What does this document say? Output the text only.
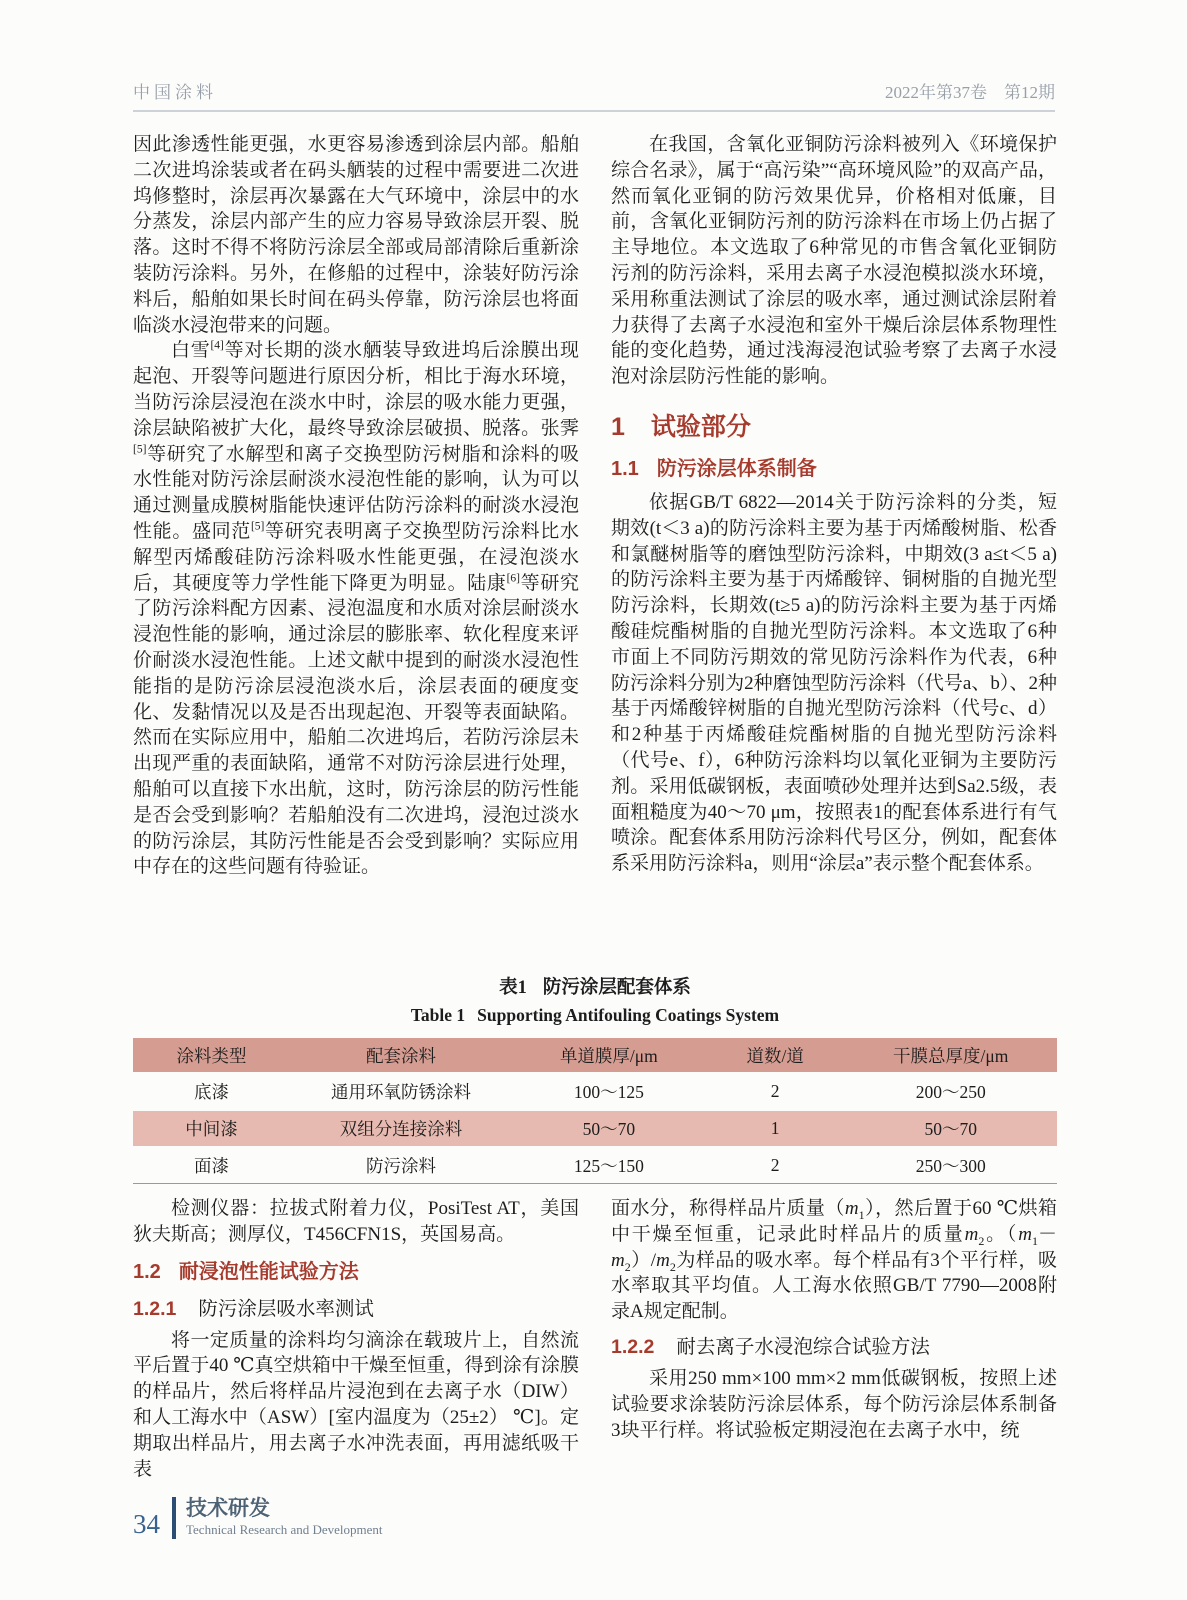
中国涂料	2022年第37卷　第12期

因此渗透性能更强，水更容易渗透到涂层内部。船舶二次进坞涂装或者在码头舾装的过程中需要进二次进坞修整时，涂层再次暴露在大气环境中，涂层中的水分蒸发，涂层内部产生的应力容易导致涂层开裂、脱落。这时不得不将防污涂层全部或局部清除后重新涂装防污涂料。另外，在修船的过程中，涂装好防污涂料后，船舶如果长时间在码头停靠，防污涂层也将面临淡水浸泡带来的问题。

白雪[4]等对长期的淡水舾装导致进坞后涂膜出现起泡、开裂等问题进行原因分析，相比于海水环境，当防污涂层浸泡在淡水中时，涂层的吸水能力更强，涂层缺陷被扩大化，最终导致涂层破损、脱落。张霁[5]等研究了水解型和离子交换型防污树脂和涂料的吸水性能对防污涂层耐淡水浸泡性能的影响，认为可以通过测量成膜树脂能快速评估防污涂料的耐淡水浸泡性能。盛同范[5]等研究表明离子交换型防污涂料比水解型丙烯酸硅防污涂料吸水性能更强，在浸泡淡水后，其硬度等力学性能下降更为明显。陆康[6]等研究了防污涂料配方因素、浸泡温度和水质对涂层耐淡水浸泡性能的影响，通过涂层的膨胀率、软化程度来评价耐淡水浸泡性能。上述文献中提到的耐淡水浸泡性能指的是防污涂层浸泡淡水后，涂层表面的硬度变化、发黏情况以及是否出现起泡、开裂等表面缺陷。然而在实际应用中，船舶二次进坞后，若防污涂层未出现严重的表面缺陷，通常不对防污涂层进行处理，船舶可以直接下水出航，这时，防污涂层的防污性能是否会受到影响？若船舶没有二次进坞，浸泡过淡水的防污涂层，其防污性能是否会受到影响？实际应用中存在的这些问题有待验证。

在我国，含氧化亚铜防污涂料被列入《环境保护综合名录》，属于“高污染”“高环境风险”的双高产品，然而氧化亚铜的防污效果优异，价格相对低廉，目前，含氧化亚铜防污剂的防污涂料在市场上仍占据了主导地位。本文选取了6种常见的市售含氧化亚铜防污剂的防污涂料，采用去离子水浸泡模拟淡水环境，采用称重法测试了涂层的吸水率，通过测试涂层附着力获得了去离子水浸泡和室外干燥后涂层体系物理性能的变化趋势，通过浅海浸泡试验考察了去离子水浸泡对涂层防污性能的影响。

1 试验部分
1.1 防污涂层体系制备

依据GB/T 6822—2014关于防污涂料的分类，短期效(t＜3 a)的防污涂料主要为基于丙烯酸树脂、松香和氯醚树脂等的磨蚀型防污涂料，中期效(3 a≤t＜5 a)的防污涂料主要为基于丙烯酸锌、铜树脂的自抛光型防污涂料，长期效(t≥5 a)的防污涂料主要为基于丙烯酸硅烷酯树脂的自抛光型防污涂料。本文选取了6种市面上不同防污期效的常见防污涂料作为代表，6种防污涂料分别为2种磨蚀型防污涂料（代号a、b）、2种基于丙烯酸锌树脂的自抛光型防污涂料（代号c、d）和2种基于丙烯酸硅烷酯树脂的自抛光型防污涂料（代号e、f），6种防污涂料均以氧化亚铜为主要防污剂。采用低碳钢板，表面喷砂处理并达到Sa2.5级，表面粗糙度为40～70 μm，按照表1的配套体系进行有气喷涂。配套体系用防污涂料代号区分，例如，配套体系采用防污涂料a，则用“涂层a”表示整个配套体系。

表1 防污涂层配套体系

Table 1 Supporting Antifouling Coatings System

涂料类型	配套涂料	单道膜厚/μm	道数/道	干膜总厚度/μm
底漆	通用环氧防锈涂料	100～125	2	200～250
中间漆	双组分连接涂料	50～70	1	50～70
面漆	防污涂料	125～150	2	250～300

检测仪器：拉拔式附着力仪，PosiTest AT，美国狄夫斯高；测厚仪，T456CFN1S，英国易高。

1.2 耐浸泡性能试验方法
1.2.1 防污涂层吸水率测试

将一定质量的涂料均匀滴涂在载玻片上，自然流平后置于40 ℃真空烘箱中干燥至恒重，得到涂有涂膜的样品片，然后将样品片浸泡到在去离子水（DIW）和人工海水中（ASW）[室内温度为（25±2） ℃]。定期取出样品片，用去离子水冲洗表面，再用滤纸吸干表

面水分，称得样品片质量$(m_1)$，然后置于60 ℃烘箱中干燥至恒重，记录此时样品片的质量$m_2$。$(m_1-m_2)/m_2$为样品的吸水率。每个样品有3个平行样，吸水率取其平均值。人工海水依照GB/T 7790—2008附录A规定配制。

1.2.2 耐去离子水浸泡综合试验方法

采用250 mm×100 mm×2 mm低碳钢板，按照上述试验要求涂装防污涂层体系，每个防污涂层体系制备3块平行样。将试验板定期浸泡在去离子水中，统

34
技术研发
Technical Research and Development
